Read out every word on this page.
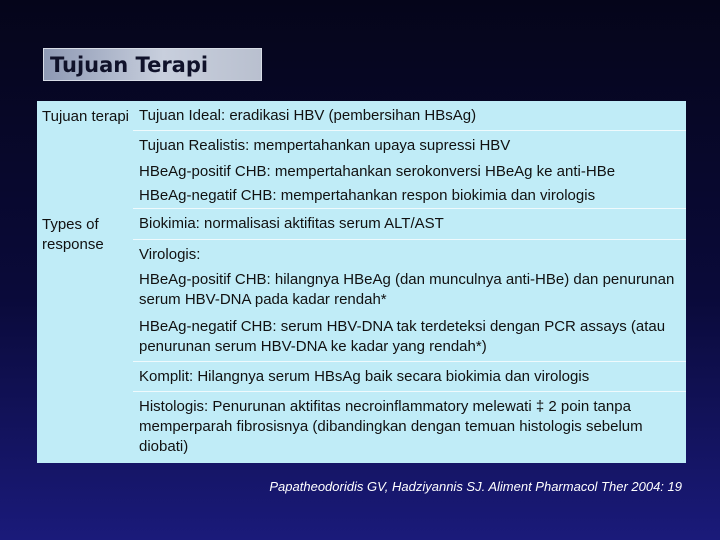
Tujuan Terapi
Tujuan terapi Tujuan Ideal: eradikasi HBV (pembersihan HBsAg)
Tujuan Realistis: mempertahankan upaya supressi HBV
HBeAg-positif CHB: mempertahankan serokonversi HBeAg ke anti-HBe
HBeAg-negatif CHB: mempertahankan respon biokimia dan virologis
Types of response
Biokimia: normalisasi aktifitas serum ALT/AST
Virologis:
HBeAg-positif CHB: hilangnya HBeAg (dan munculnya anti-HBe) dan penurunan serum HBV-DNA pada kadar rendah*
HBeAg-negatif CHB: serum HBV-DNA tak terdeteksi dengan PCR assays (atau penurunan serum HBV-DNA ke kadar yang rendah*)
Komplit: Hilangnya serum HBsAg baik secara biokimia dan virologis
Histologis: Penurunan aktifitas necroinflammatory melewati ‡ 2 poin tanpa memperparah fibrosisnya (dibandingkan dengan temuan histologis sebelum diobati)
Papatheodoridis GV, Hadziyannis SJ. Aliment Pharmacol Ther 2004: 19
